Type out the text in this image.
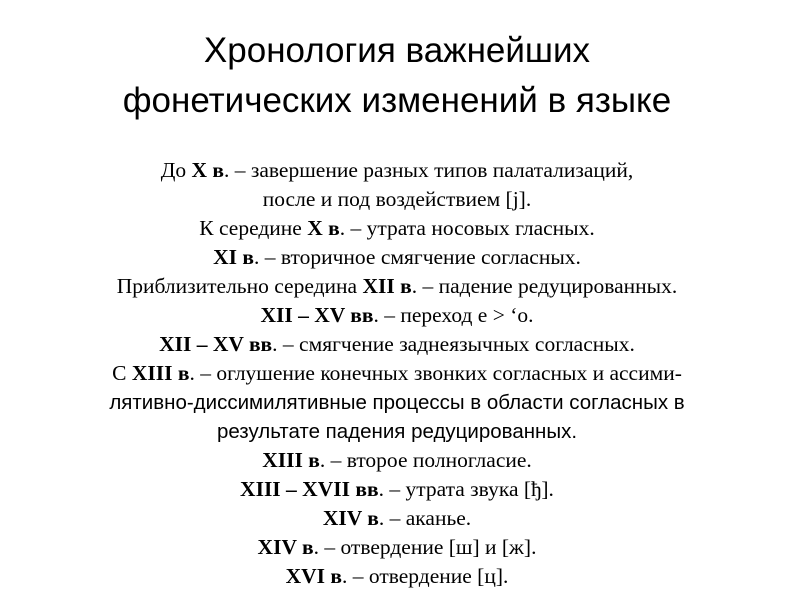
Хронология важнейших
фонетических изменений в языке
До X в. – завершение разных типов палатализаций,
после и под воздействием [j].
К середине X в. – утрата носовых гласных.
XI в. – вторичное смягчение согласных.
Приблизительно середина XII в. – падение редуцированных.
XII – XV вв. – переход е > ‘о.
XII – XV вв. – смягчение заднеязычных согласных.
С XIII в. – оглушение конечных звонких согласных и ассими-
лятивно-диссимилятивные процессы в области согласных в
результате падения редуцированных.
XIII в. – второе полногласие.
XIII – XVII вв. – утрата звука [ђ].
XIV в. – аканье.
XIV в. – отвердение [ш] и [ж].
XVI в. – отвердение [ц].
